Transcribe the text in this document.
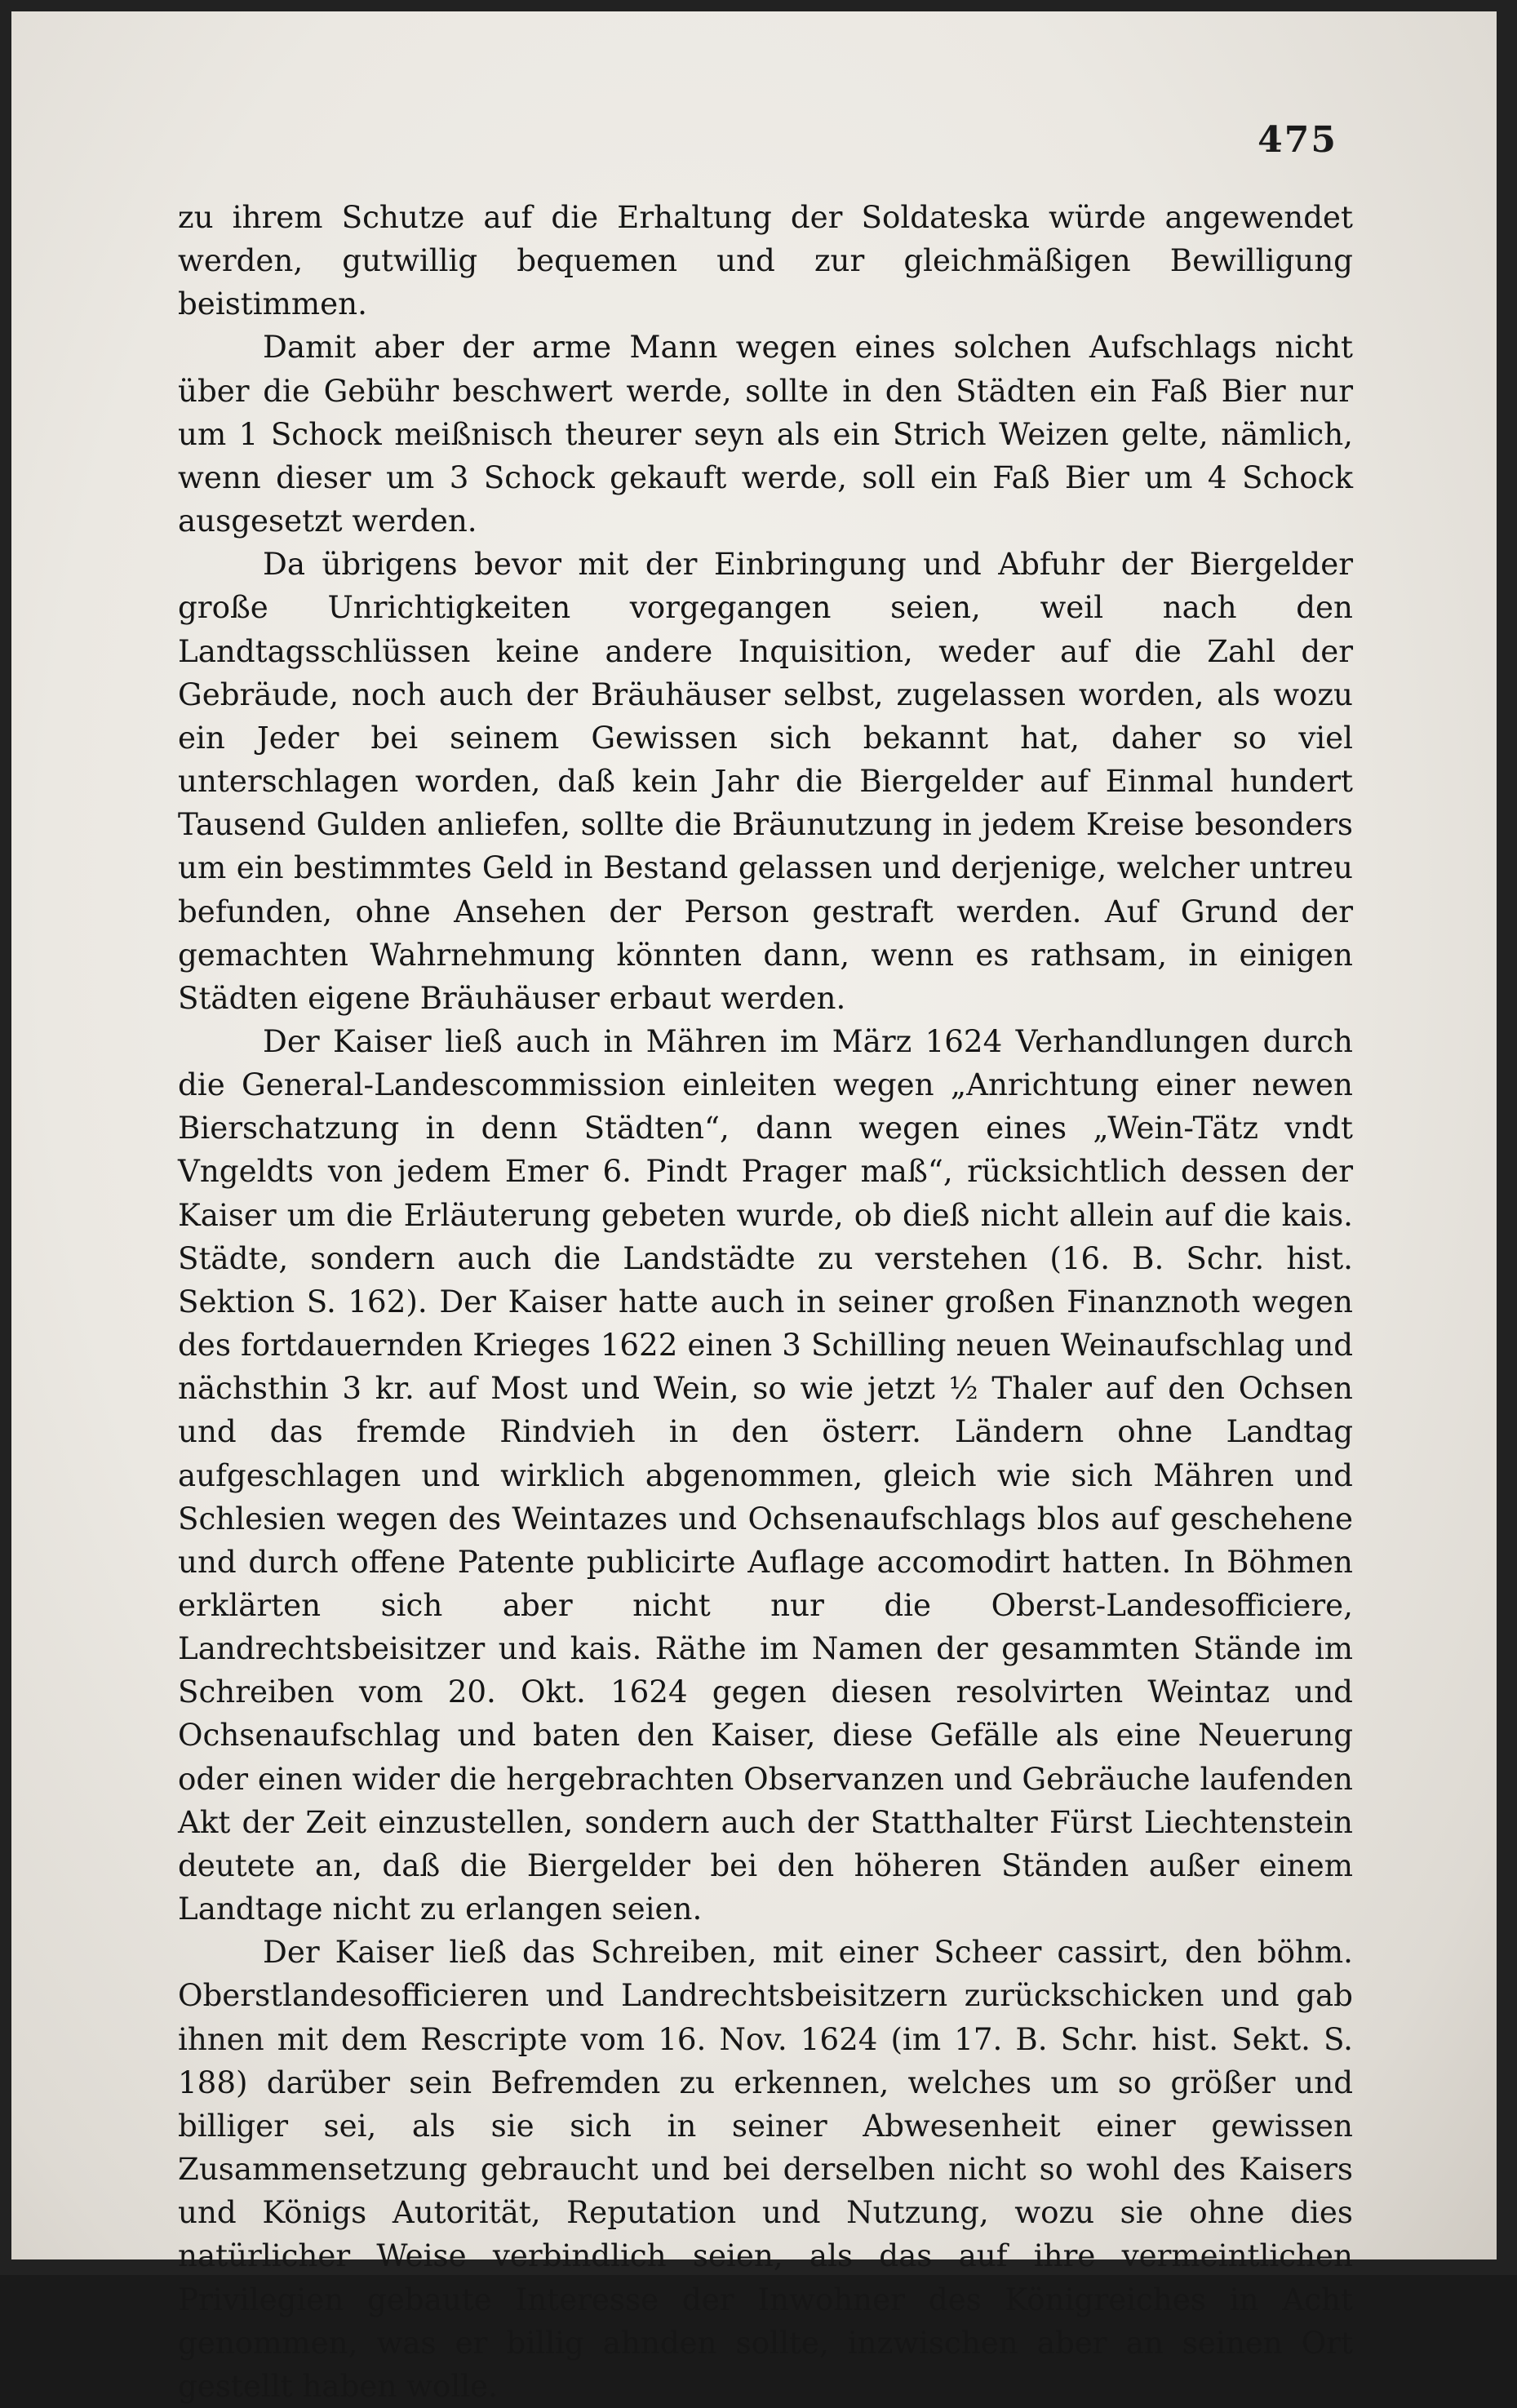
475

zu ihrem Schutze auf die Erhaltung der Soldateska würde angewendet werden, gutwillig bequemen und zur gleichmäßigen Bewilligung beistimmen.

Damit aber der arme Mann wegen eines solchen Aufschlags nicht über die Gebühr beschwert werde, sollte in den Städten ein Faß Bier nur um 1 Schock meißnisch theurer seyn als ein Strich Weizen gelte, nämlich, wenn dieser um 3 Schock gekauft werde, soll ein Faß Bier um 4 Schock ausgesetzt werden.

Da übrigens bevor mit der Einbringung und Abfuhr der Biergelder große Unrichtigkeiten vorgegangen seien, weil nach den Landtagsschlüssen keine andere Inquisition, weder auf die Zahl der Gebräude, noch auch der Bräuhäuser selbst, zugelassen worden, als wozu ein Jeder bei seinem Gewissen sich bekannt hat, daher so viel unterschlagen worden, daß kein Jahr die Biergelder auf Einmal hundert Tausend Gulden anliefen, sollte die Bräunutzung in jedem Kreise besonders um ein bestimmtes Geld in Bestand gelassen und derjenige, welcher untreu befunden, ohne Ansehen der Person gestraft werden. Auf Grund der gemachten Wahrnehmung könnten dann, wenn es rathsam, in einigen Städten eigene Bräuhäuser erbaut werden.

Der Kaiser ließ auch in Mähren im März 1624 Verhandlungen durch die General-Landescommission einleiten wegen „Anrichtung einer newen Bierschatzung in denn Städten“, dann wegen eines „Wein-Tätz vndt Vngeldts von jedem Emer 6. Pindt Prager maß“, rücksichtlich dessen der Kaiser um die Erläuterung gebeten wurde, ob dieß nicht allein auf die kais. Städte, sondern auch die Landstädte zu verstehen (16. B. Schr. hist. Sektion S. 162). Der Kaiser hatte auch in seiner großen Finanznoth wegen des fortdauernden Krieges 1622 einen 3 Schilling neuen Weinaufschlag und nächsthin 3 kr. auf Most und Wein, so wie jetzt ½ Thaler auf den Ochsen und das fremde Rindvieh in den österr. Ländern ohne Landtag aufgeschlagen und wirklich abgenommen, gleich wie sich Mähren und Schlesien wegen des Weintazes und Ochsenaufschlags blos auf geschehene und durch offene Patente publicirte Auflage accomodirt hatten. In Böhmen erklärten sich aber nicht nur die Oberst-Landesofficiere, Landrechtsbeisitzer und kais. Räthe im Namen der gesammten Stände im Schreiben vom 20. Okt. 1624 gegen diesen resolvirten Weintaz und Ochsenaufschlag und baten den Kaiser, diese Gefälle als eine Neuerung oder einen wider die hergebrachten Observanzen und Gebräuche laufenden Akt der Zeit einzustellen, sondern auch der Statthalter Fürst Liechtenstein deutete an, daß die Biergelder bei den höheren Ständen außer einem Landtage nicht zu erlangen seien.

Der Kaiser ließ das Schreiben, mit einer Scheer cassirt, den böhm. Oberstlandesofficieren und Landrechtsbeisitzern zurückschicken und gab ihnen mit dem Rescripte vom 16. Nov. 1624 (im 17. B. Schr. hist. Sekt. S. 188) darüber sein Befremden zu erkennen, welches um so größer und billiger sei, als sie sich in seiner Abwesenheit einer gewissen Zusammensetzung gebraucht und bei derselben nicht so wohl des Kaisers und Königs Autorität, Reputation und Nutzung, wozu sie ohne dies natürlicher Weise verbindlich seien, als das auf ihre vermeintlichen Privilegien gebaute Interesse der Inwohner des Königreiches in Acht genommen, was er billig ahnden sollte, inzwischen aber an seinen Ort gestellt haben wolle.
